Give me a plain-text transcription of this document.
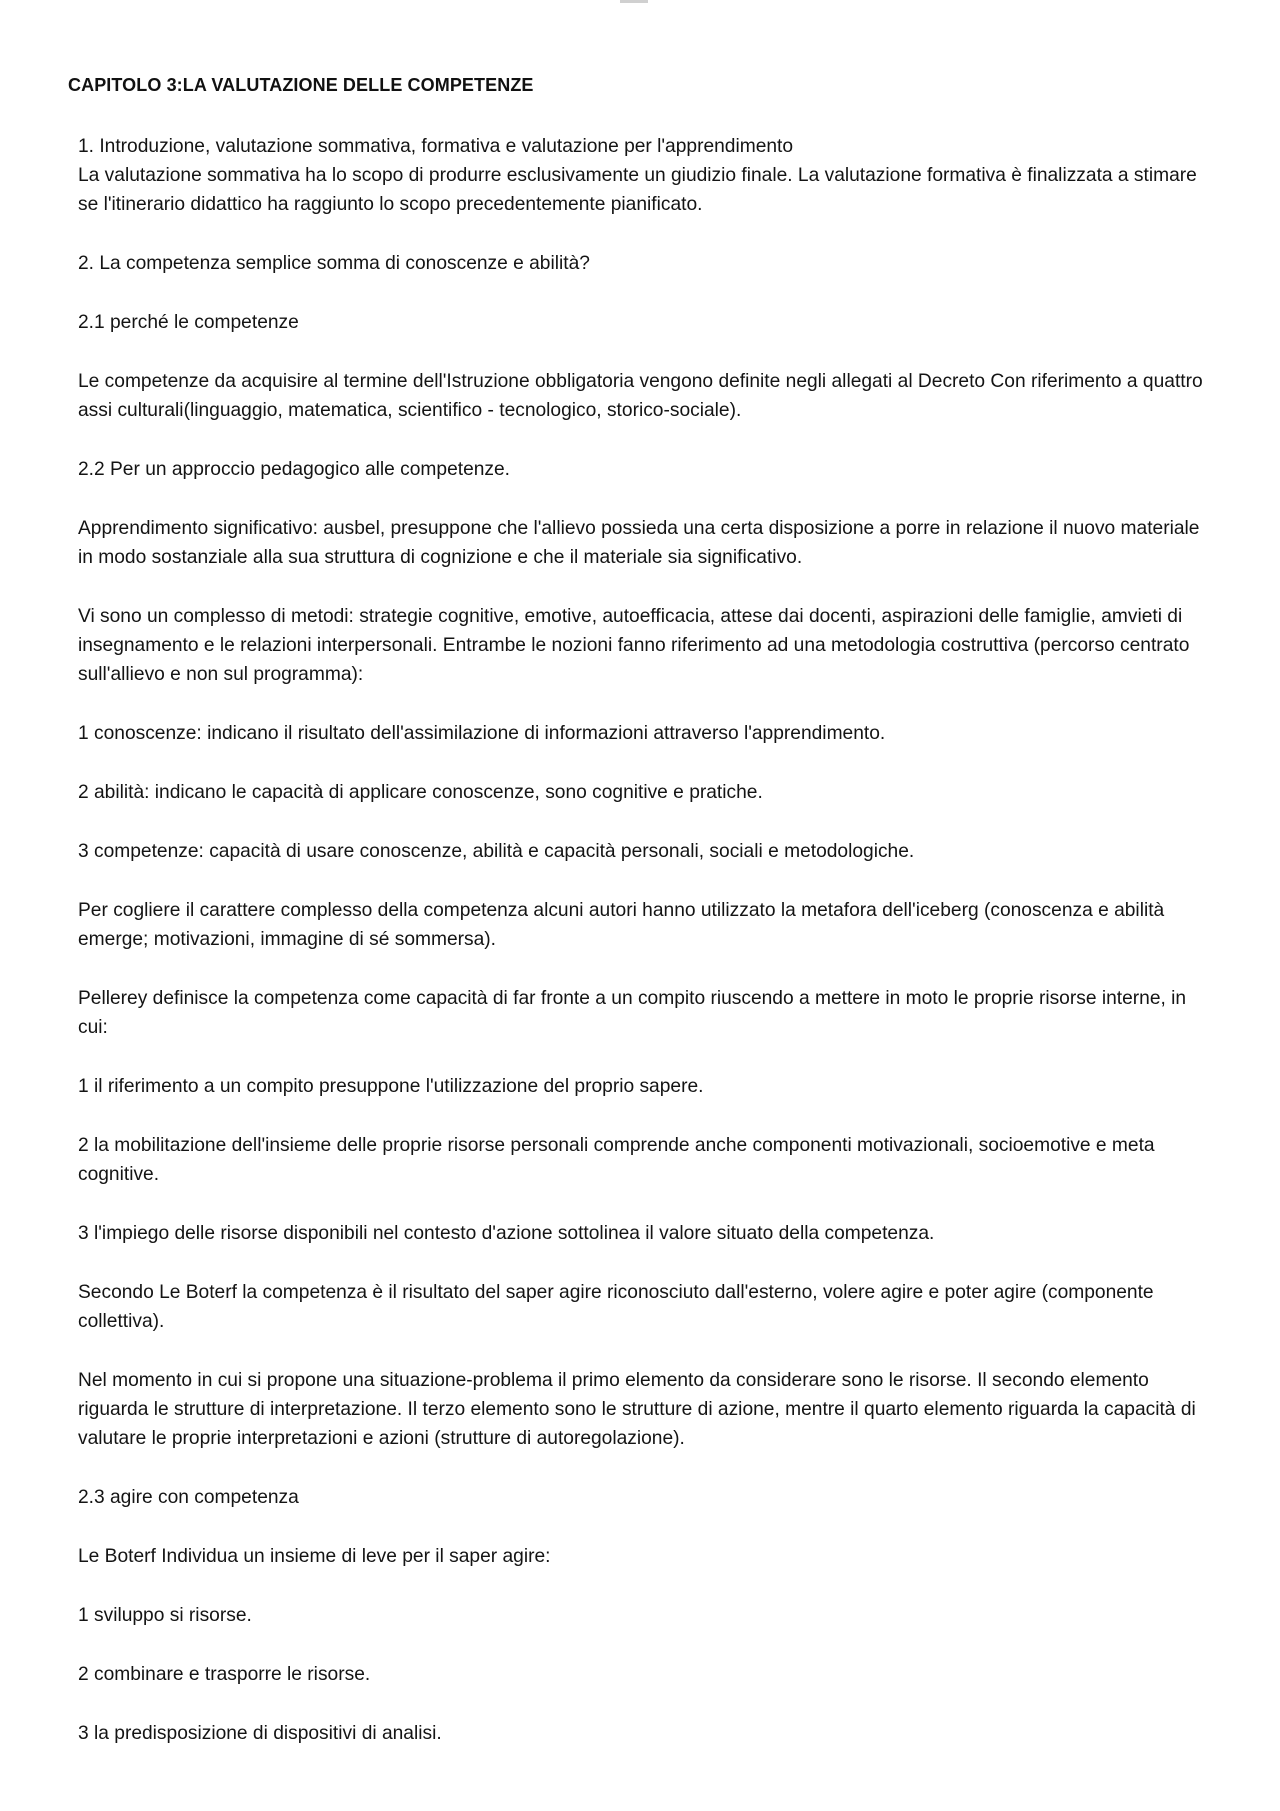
CAPITOLO 3:LA VALUTAZIONE DELLE COMPETENZE

1. Introduzione, valutazione sommativa, formativa e valutazione per l'apprendimento

La valutazione sommativa ha lo scopo di produrre esclusivamente un giudizio finale. La valutazione formativa è finalizzata a stimare se l'itinerario didattico ha raggiunto lo scopo precedentemente pianificato.

2. La competenza semplice somma di conoscenze e abilità?

2.1 perché le competenze

Le competenze da acquisire al termine dell'Istruzione obbligatoria vengono definite negli allegati al Decreto Con riferimento a quattro assi culturali(linguaggio, matematica, scientifico - tecnologico, storico-sociale).

2.2 Per un approccio pedagogico alle competenze.

Apprendimento significativo: ausbel, presuppone che l'allievo possieda una certa disposizione a porre in relazione il nuovo materiale in modo sostanziale alla sua struttura di cognizione e che il materiale sia significativo.

Vi sono un complesso di metodi: strategie cognitive, emotive, autoefficacia, attese dai docenti, aspirazioni delle famiglie, amvieti di insegnamento e le relazioni interpersonali. Entrambe le nozioni fanno riferimento ad una metodologia costruttiva (percorso centrato sull'allievo e non sul programma):

1 conoscenze: indicano il risultato dell'assimilazione di informazioni attraverso l'apprendimento.

2 abilità: indicano le capacità di applicare conoscenze, sono cognitive e pratiche.

3 competenze: capacità di usare conoscenze, abilità e capacità personali, sociali e metodologiche.

Per cogliere il carattere complesso della competenza alcuni autori hanno utilizzato la metafora dell'iceberg (conoscenza e abilità emerge; motivazioni, immagine di sé sommersa).

Pellerey definisce la competenza come capacità di far fronte a un compito riuscendo a mettere in moto le proprie risorse interne, in cui:

1 il riferimento a un compito presuppone l'utilizzazione del proprio sapere.

2 la mobilitazione dell'insieme delle proprie risorse personali comprende anche componenti motivazionali, socioemotive e meta cognitive.

3 l'impiego delle risorse disponibili nel contesto d'azione sottolinea il valore situato della competenza.

Secondo Le Boterf la competenza è il risultato del saper agire riconosciuto dall'esterno, volere agire e poter agire (componente collettiva).

Nel momento in cui si propone una situazione-problema il primo elemento da considerare sono le risorse. Il secondo elemento riguarda le strutture di interpretazione. Il terzo elemento sono le strutture di azione, mentre il quarto elemento riguarda la capacità di valutare le proprie interpretazioni e azioni (strutture di autoregolazione).

2.3 agire con competenza

Le Boterf Individua un insieme di leve per il saper agire:

1 sviluppo si risorse.

2 combinare e trasporre le risorse.

3 la predisposizione di dispositivi di analisi.
